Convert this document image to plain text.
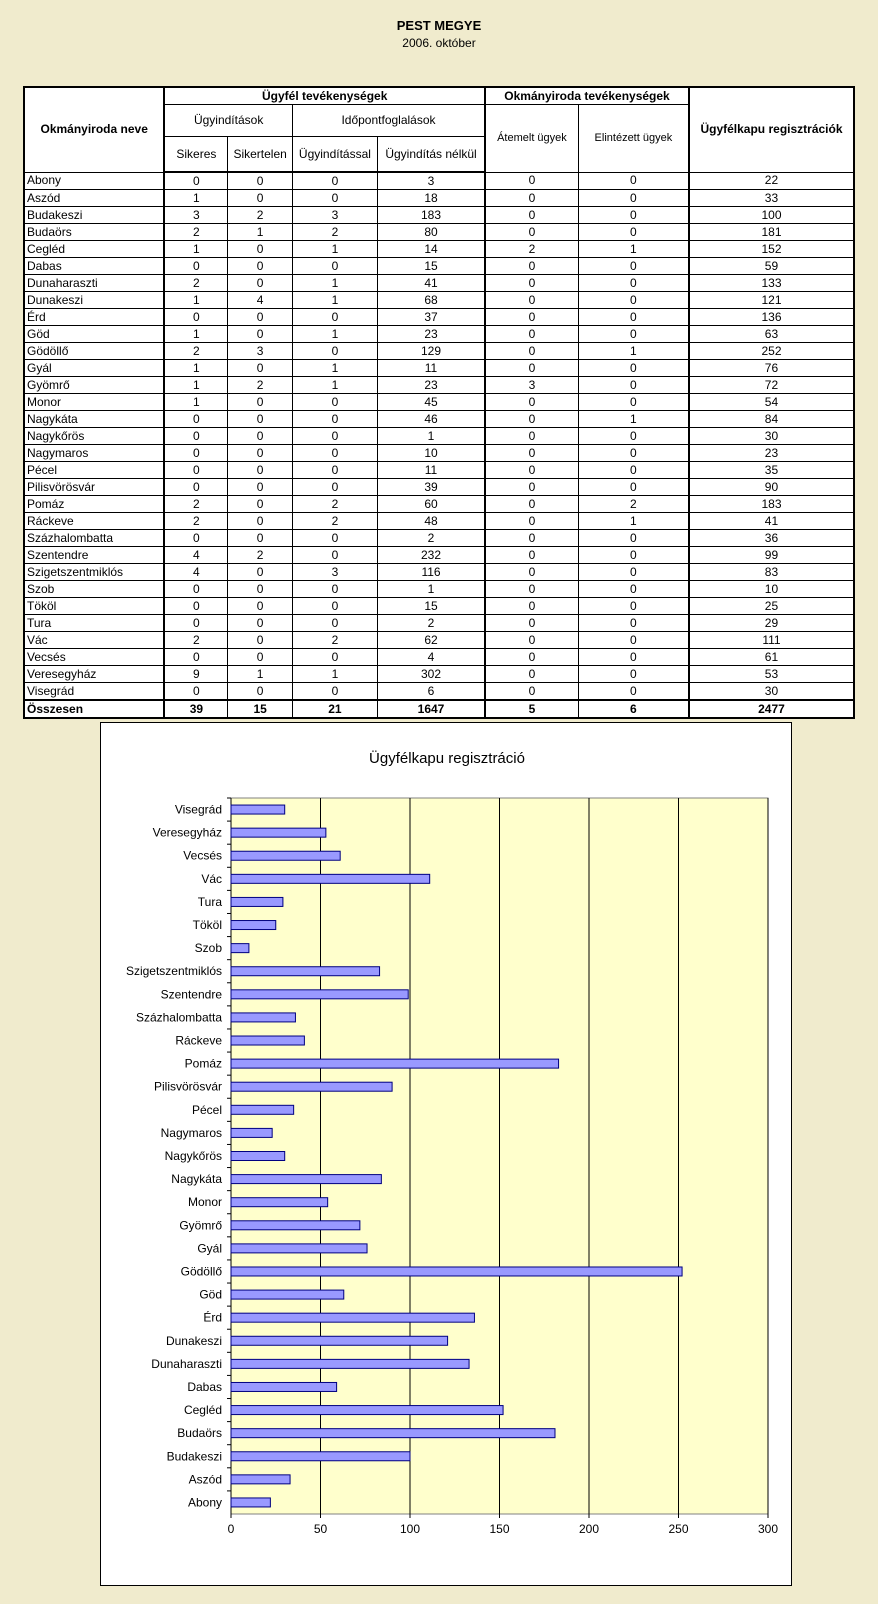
PEST MEGYE
2006. október
Okmányiroda neve	Ügyfél tevékenységek				Okmányiroda tevékenységek		Ügyfélkapu regisztrációk
	Ügyindítások		Időpontfoglalások		Átemelt ügyek	Elintézett ügyek	
	Sikeres	Sikertelen	Ügyindítással	Ügyindítás nélkül			
Abony	0	0	0	3	0	0	22
Aszód	1	0	0	18	0	0	33
Budakeszi	3	2	3	183	0	0	100
Budaörs	2	1	2	80	0	0	181
Cegléd	1	0	1	14	2	1	152
Dabas	0	0	0	15	0	0	59
Dunaharaszti	2	0	1	41	0	0	133
Dunakeszi	1	4	1	68	0	0	121
Érd	0	0	0	37	0	0	136
Göd	1	0	1	23	0	0	63
Gödöllő	2	3	0	129	0	1	252
Gyál	1	0	1	11	0	0	76
Gyömrő	1	2	1	23	3	0	72
Monor	1	0	0	45	0	0	54
Nagykáta	0	0	0	46	0	1	84
Nagykőrös	0	0	0	1	0	0	30
Nagymaros	0	0	0	10	0	0	23
Pécel	0	0	0	11	0	0	35
Pilisvörösvár	0	0	0	39	0	0	90
Pomáz	2	0	2	60	0	2	183
Ráckeve	2	0	2	48	0	1	41
Százhalombatta	0	0	0	2	0	0	36
Szentendre	4	2	0	232	0	0	99
Szigetszentmiklós	4	0	3	116	0	0	83
Szob	0	0	0	1	0	0	10
Tököl	0	0	0	15	0	0	25
Tura	0	0	0	2	0	0	29
Vác	2	0	2	62	0	0	111
Vecsés	0	0	0	4	0	0	61
Veresegyház	9	1	1	302	0	0	53
Visegrád	0	0	0	6	0	0	30
Összesen	39	15	21	1647	5	6	2477
Ügyfélkapu regisztráció
0	50	100	150	200	250	300
Visegrád
Veresegyház
Vecsés
Vác
Tura
Tököl
Szob
Szigetszentmiklós
Szentendre
Százhalombatta
Ráckeve
Pomáz
Pilisvörösvár
Pécel
Nagymaros
Nagykőrös
Nagykáta
Monor
Gyömrő
Gyál
Gödöllő
Göd
Érd
Dunakeszi
Dunaharaszti
Dabas
Cegléd
Budaörs
Budakeszi
Aszód
Abony
